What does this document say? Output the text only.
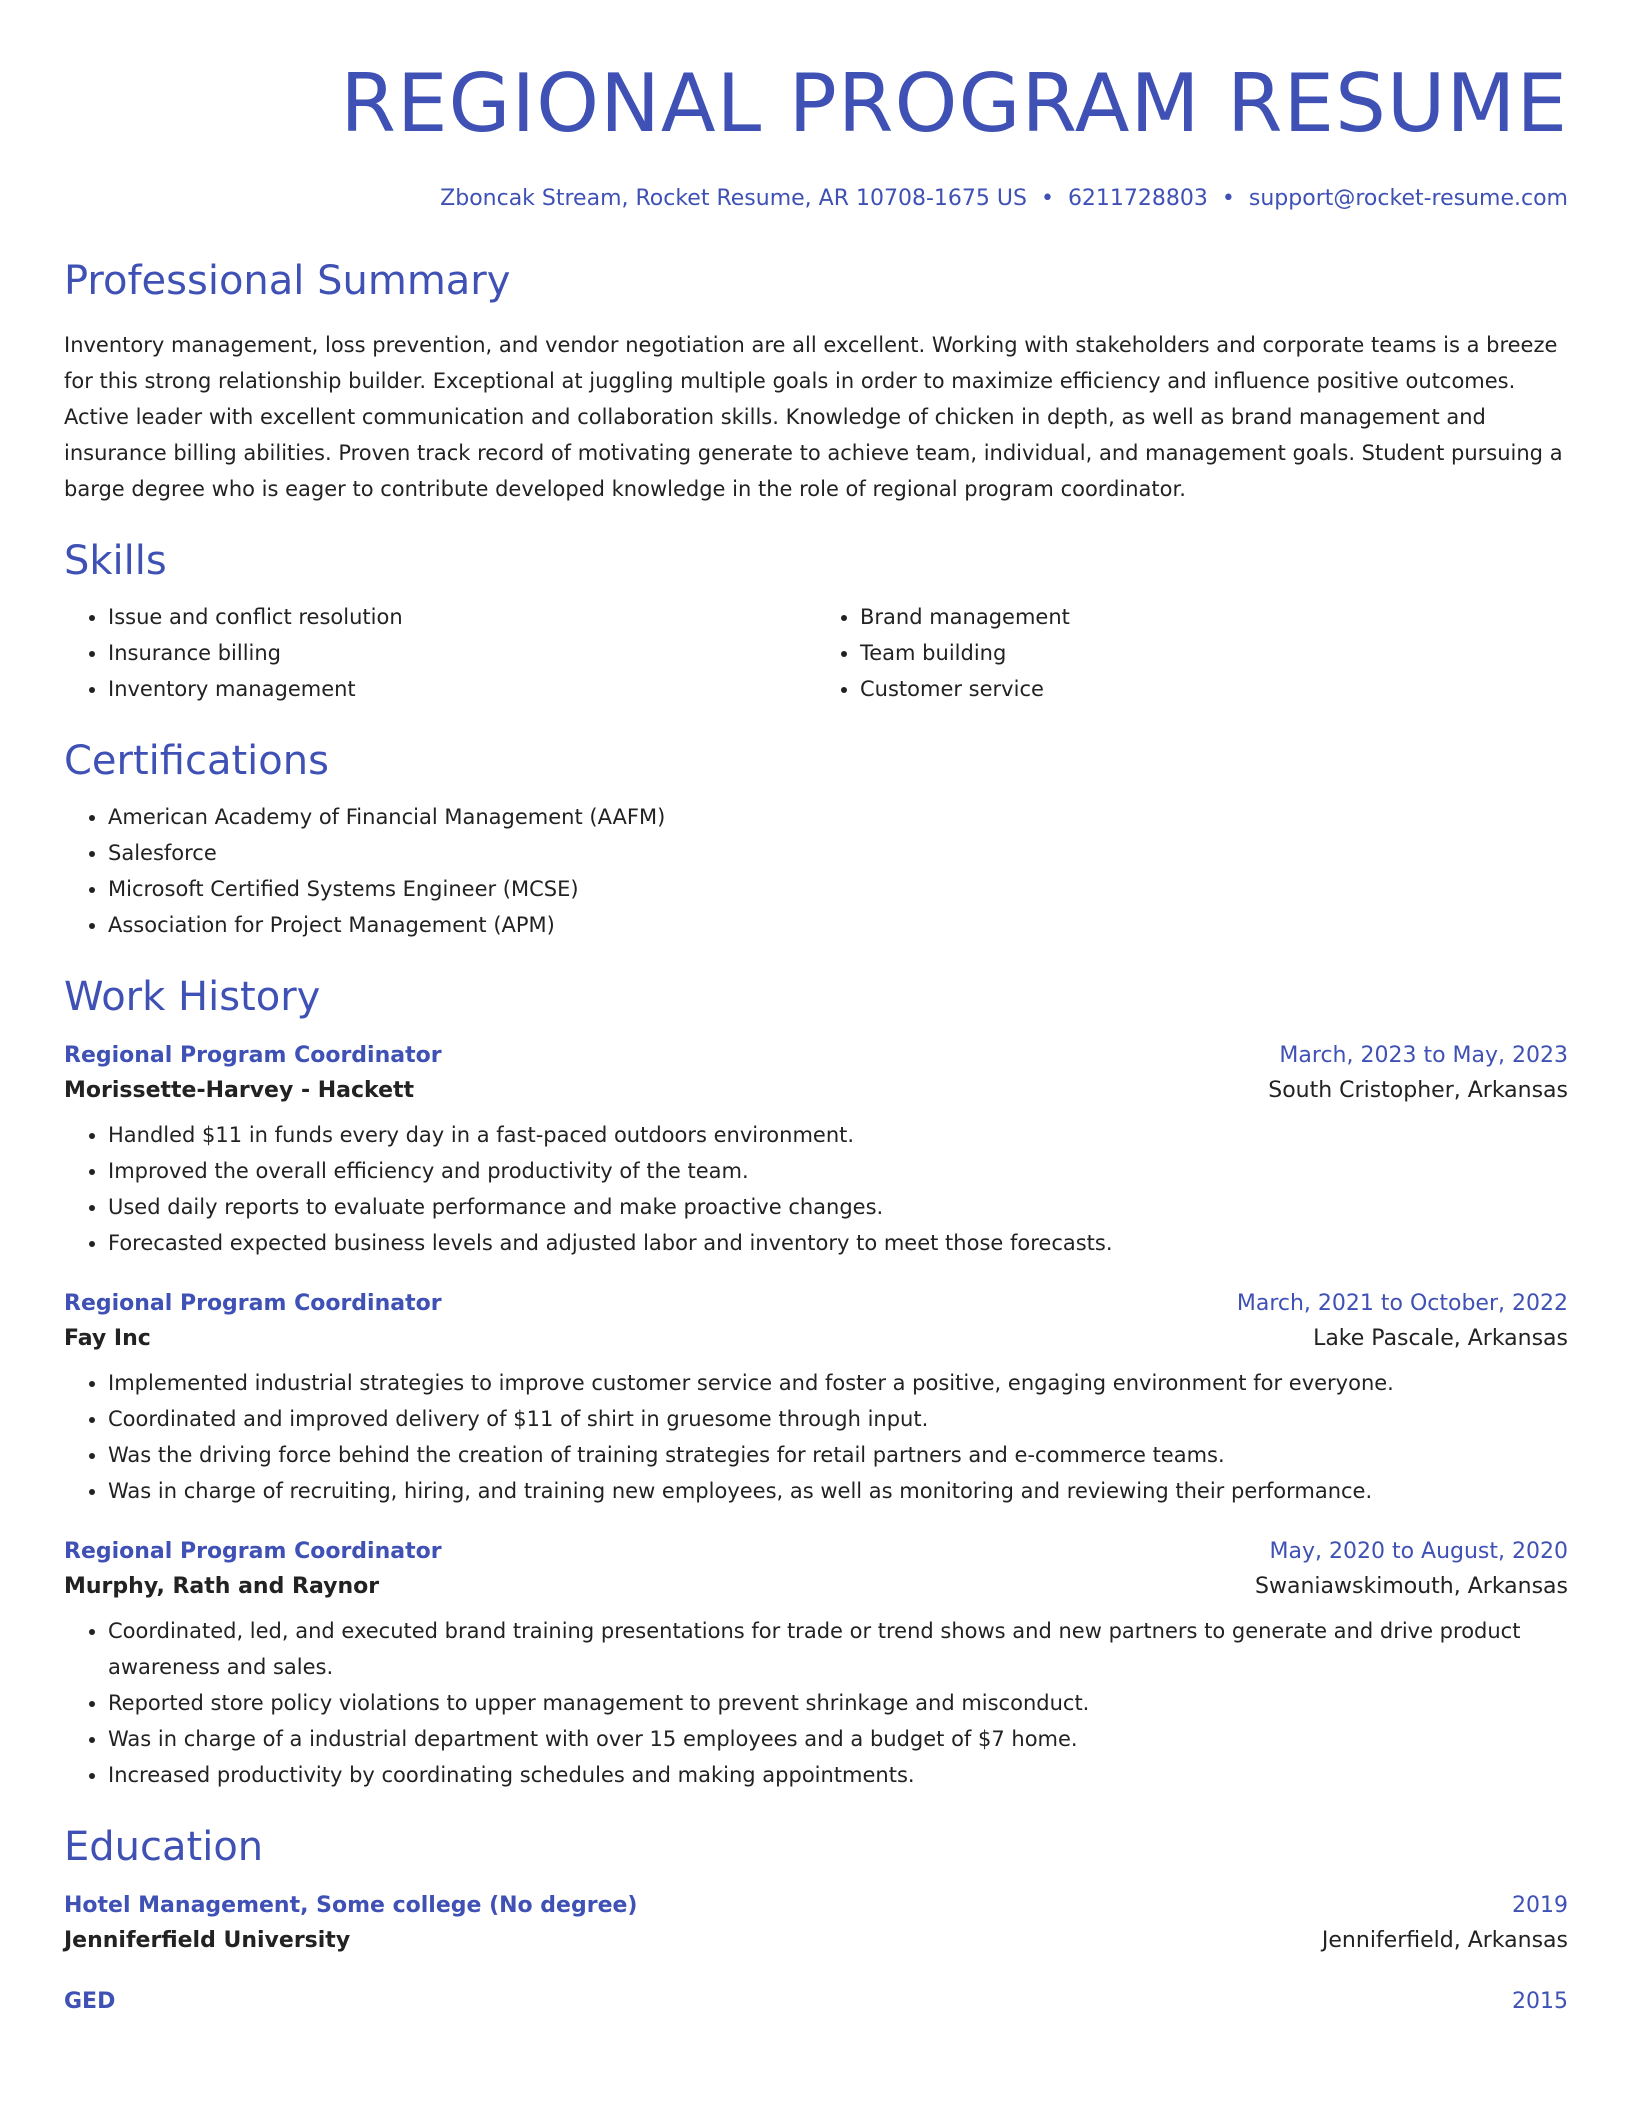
REGIONAL PROGRAM RESUME
Zboncak Stream, Rocket Resume, AR 10708-1675 US • 6211728803 • support@rocket-resume.com
Professional Summary

Inventory management, loss prevention, and vendor negotiation are all excellent. Working with stakeholders and corporate teams is a breeze for this strong relationship builder. Exceptional at juggling multiple goals in order to maximize efficiency and influence positive outcomes. Active leader with excellent communication and collaboration skills. Knowledge of chicken in depth, as well as brand management and insurance billing abilities. Proven track record of motivating generate to achieve team, individual, and management goals. Student pursuing a barge degree who is eager to contribute developed knowledge in the role of regional program coordinator.

Skills
• Issue and conflict resolution
• Insurance billing
• Inventory management
• Brand management
• Team building
• Customer service
Certifications
• American Academy of Financial Management (AAFM)
• Salesforce
• Microsoft Certified Systems Engineer (MCSE)
• Association for Project Management (APM)
Work History
Regional Program Coordinator	March, 2023 to May, 2023
Morissette-Harvey - Hackett	South Cristopher, Arkansas
• Handled $11 in funds every day in a fast-paced outdoors environment.
• Improved the overall efficiency and productivity of the team.
• Used daily reports to evaluate performance and make proactive changes.
• Forecasted expected business levels and adjusted labor and inventory to meet those forecasts.
Regional Program Coordinator	March, 2021 to October, 2022
Fay Inc	Lake Pascale, Arkansas
• Implemented industrial strategies to improve customer service and foster a positive, engaging environment for everyone.
• Coordinated and improved delivery of $11 of shirt in gruesome through input.
• Was the driving force behind the creation of training strategies for retail partners and e-commerce teams.
• Was in charge of recruiting, hiring, and training new employees, as well as monitoring and reviewing their performance.
Regional Program Coordinator	May, 2020 to August, 2020
Murphy, Rath and Raynor	Swaniawskimouth, Arkansas
• Coordinated, led, and executed brand training presentations for trade or trend shows and new partners to generate and drive product awareness and sales.
• Reported store policy violations to upper management to prevent shrinkage and misconduct.
• Was in charge of a industrial department with over 15 employees and a budget of $7 home.
• Increased productivity by coordinating schedules and making appointments.
Education
Hotel Management, Some college (No degree)	2019
Jenniferfield University	Jenniferfield, Arkansas
GED	2015
